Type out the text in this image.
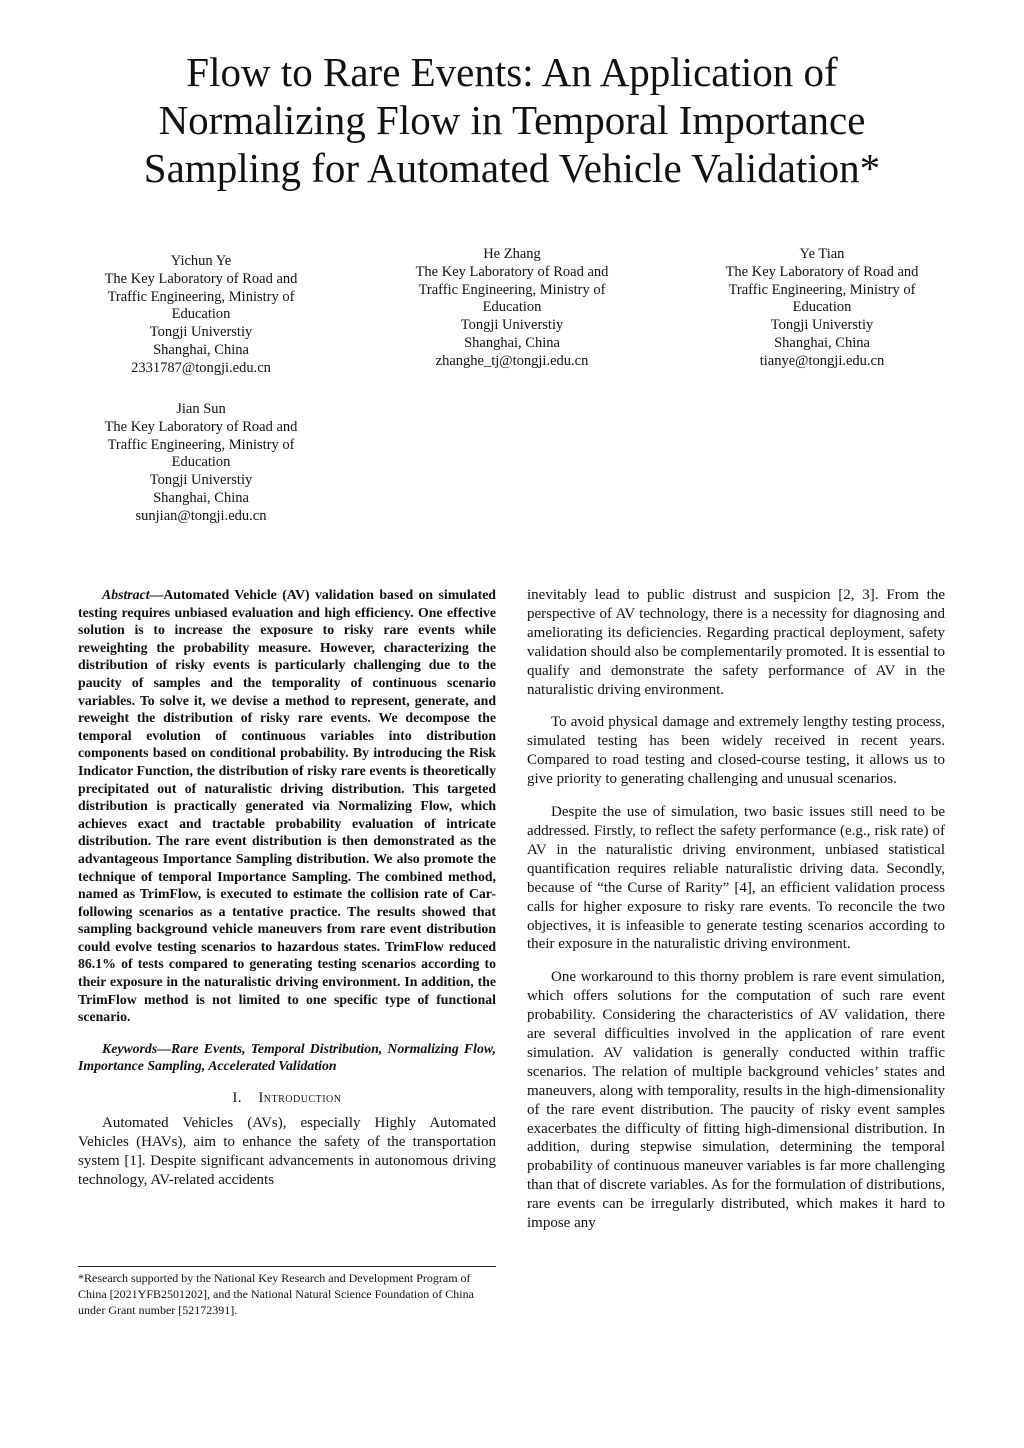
Flow to Rare Events: An Application of
Normalizing Flow in Temporal Importance
Sampling for Automated Vehicle Validation*
Yichun Ye
The Key Laboratory of Road and
Traffic Engineering, Ministry of
Education
Tongji Universtiy
Shanghai, China
2331787@tongji.edu.cn
He Zhang
The Key Laboratory of Road and
Traffic Engineering, Ministry of
Education
Tongji Universtiy
Shanghai, China
zhanghe_tj@tongji.edu.cn
Ye Tian
The Key Laboratory of Road and
Traffic Engineering, Ministry of
Education
Tongji Universtiy
Shanghai, China
tianye@tongji.edu.cn
Jian Sun
The Key Laboratory of Road and
Traffic Engineering, Ministry of
Education
Tongji Universtiy
Shanghai, China
sunjian@tongji.edu.cn

Abstract—Automated Vehicle (AV) validation based on simulated testing requires unbiased evaluation and high efficiency. One effective solution is to increase the exposure to risky rare events while reweighting the probability measure. However, characterizing the distribution of risky events is particularly challenging due to the paucity of samples and the temporality of continuous scenario variables. To solve it, we devise a method to represent, generate, and reweight the distribution of risky rare events. We decompose the temporal evolution of continuous variables into distribution components based on conditional probability. By introducing the Risk Indicator Function, the distribution of risky rare events is theoretically precipitated out of naturalistic driving distribution. This targeted distribution is practically generated via Normalizing Flow, which achieves exact and tractable probability evaluation of intricate distribution. The rare event distribution is then demonstrated as the advantageous Importance Sampling distribution. We also promote the technique of temporal Importance Sampling. The combined method, named as TrimFlow, is executed to estimate the collision rate of Car-following scenarios as a tentative practice. The results showed that sampling background vehicle maneuvers from rare event distribution could evolve testing scenarios to hazardous states. TrimFlow reduced 86.1% of tests compared to generating testing scenarios according to their exposure in the naturalistic driving environment. In addition, the TrimFlow method is not limited to one specific type of functional scenario.

Keywords—Rare Events, Temporal Distribution, Normalizing Flow, Importance Sampling, Accelerated Validation

I. Introduction

Automated Vehicles (AVs), especially Highly Automated Vehicles (HAVs), aim to enhance the safety of the transportation system [1]. Despite significant advancements in autonomous driving technology, AV-related accidents

*Research supported by the National Key Research and Development Program of China [2021YFB2501202], and the National Natural Science Foundation of China under Grant number [52172391].

inevitably lead to public distrust and suspicion [2, 3]. From the perspective of AV technology, there is a necessity for diagnosing and ameliorating its deficiencies. Regarding practical deployment, safety validation should also be complementarily promoted. It is essential to qualify and demonstrate the safety performance of AV in the naturalistic driving environment.

To avoid physical damage and extremely lengthy testing process, simulated testing has been widely received in recent years. Compared to road testing and closed-course testing, it allows us to give priority to generating challenging and unusual scenarios.

Despite the use of simulation, two basic issues still need to be addressed. Firstly, to reflect the safety performance (e.g., risk rate) of AV in the naturalistic driving environment, unbiased statistical quantification requires reliable naturalistic driving data. Secondly, because of “the Curse of Rarity” [4], an efficient validation process calls for higher exposure to risky rare events. To reconcile the two objectives, it is infeasible to generate testing scenarios according to their exposure in the naturalistic driving environment.

One workaround to this thorny problem is rare event simulation, which offers solutions for the computation of such rare event probability. Considering the characteristics of AV validation, there are several difficulties involved in the application of rare event simulation. AV validation is generally conducted within traffic scenarios. The relation of multiple background vehicles’ states and maneuvers, along with temporality, results in the high-dimensionality of the rare event distribution. The paucity of risky event samples exacerbates the difficulty of fitting high-dimensional distribution. In addition, during stepwise simulation, determining the temporal probability of continuous maneuver variables is far more challenging than that of discrete variables. As for the formulation of distributions, rare events can be irregularly distributed, which makes it hard to impose any
